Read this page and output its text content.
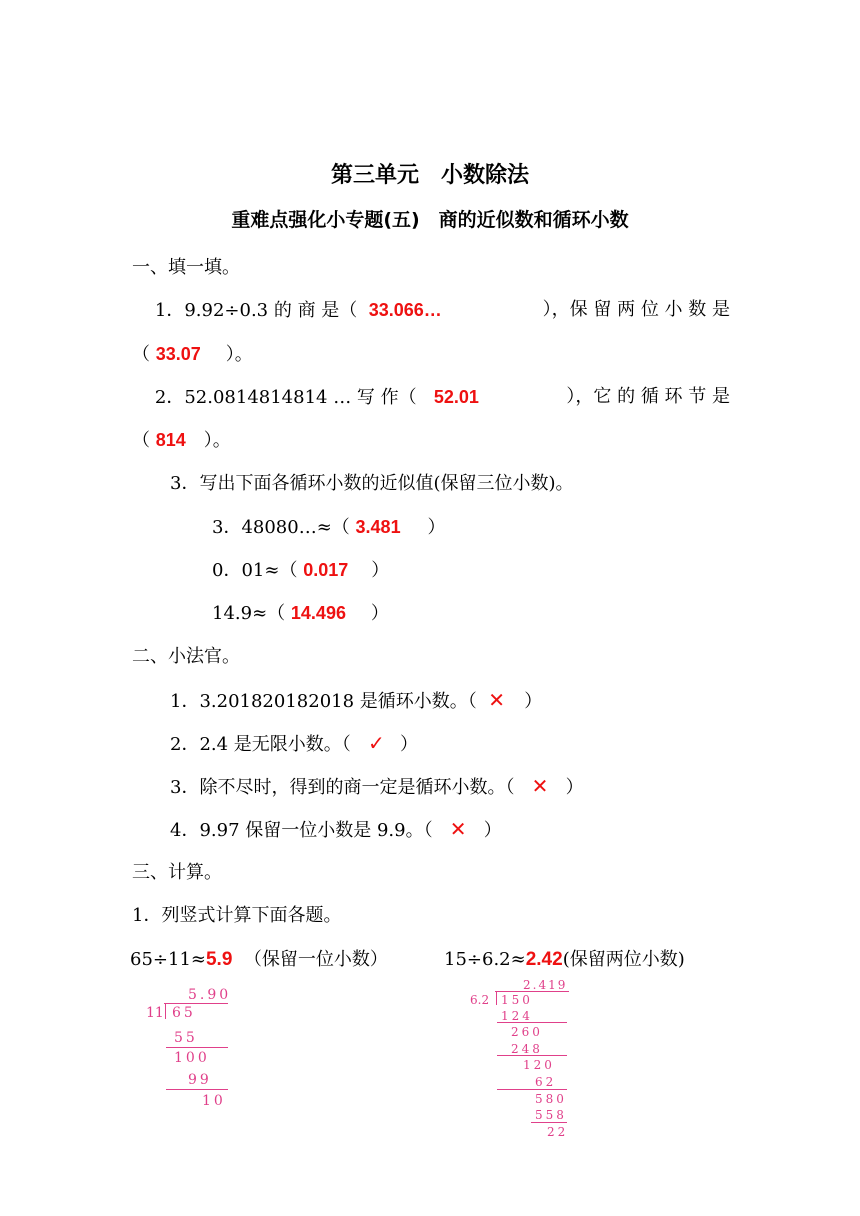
第三单元　小数除法
重难点强化小专题(五)　商的近似数和循环小数
一、填一填。
1．9.92÷0.3 的 商 是（ 33.066…	），保 留 两 位 小 数 是
（ 33.07 ）。
2．52.0814814814 … 写 作（ 52.01	），它 的 循 环 节 是
（ 814 ）。
3．写出下面各循环小数的近似值(保留三位小数)。
3．48080…≈（ 3.481 ）
0．01≈（ 0.017 ）
14.9≈（ 14.496 ）
二、小法官。
1．3.201820182018 是循环小数。（ ✕ ）
2．2.4 是无限小数。（ ✓ ）
3．除不尽时，得到的商一定是循环小数。（ ✕ ）
4．9.97 保留一位小数是 9.9。（ ✕ ）
三、计算。
1．列竖式计算下面各题。
65÷11≈5.9 （保留一位小数）	15÷6.2≈2.42(保留两位小数)
5.90
11 65
55
100
99
10
2.419
6.2 150
124
260
248
120
62
580
558
22
